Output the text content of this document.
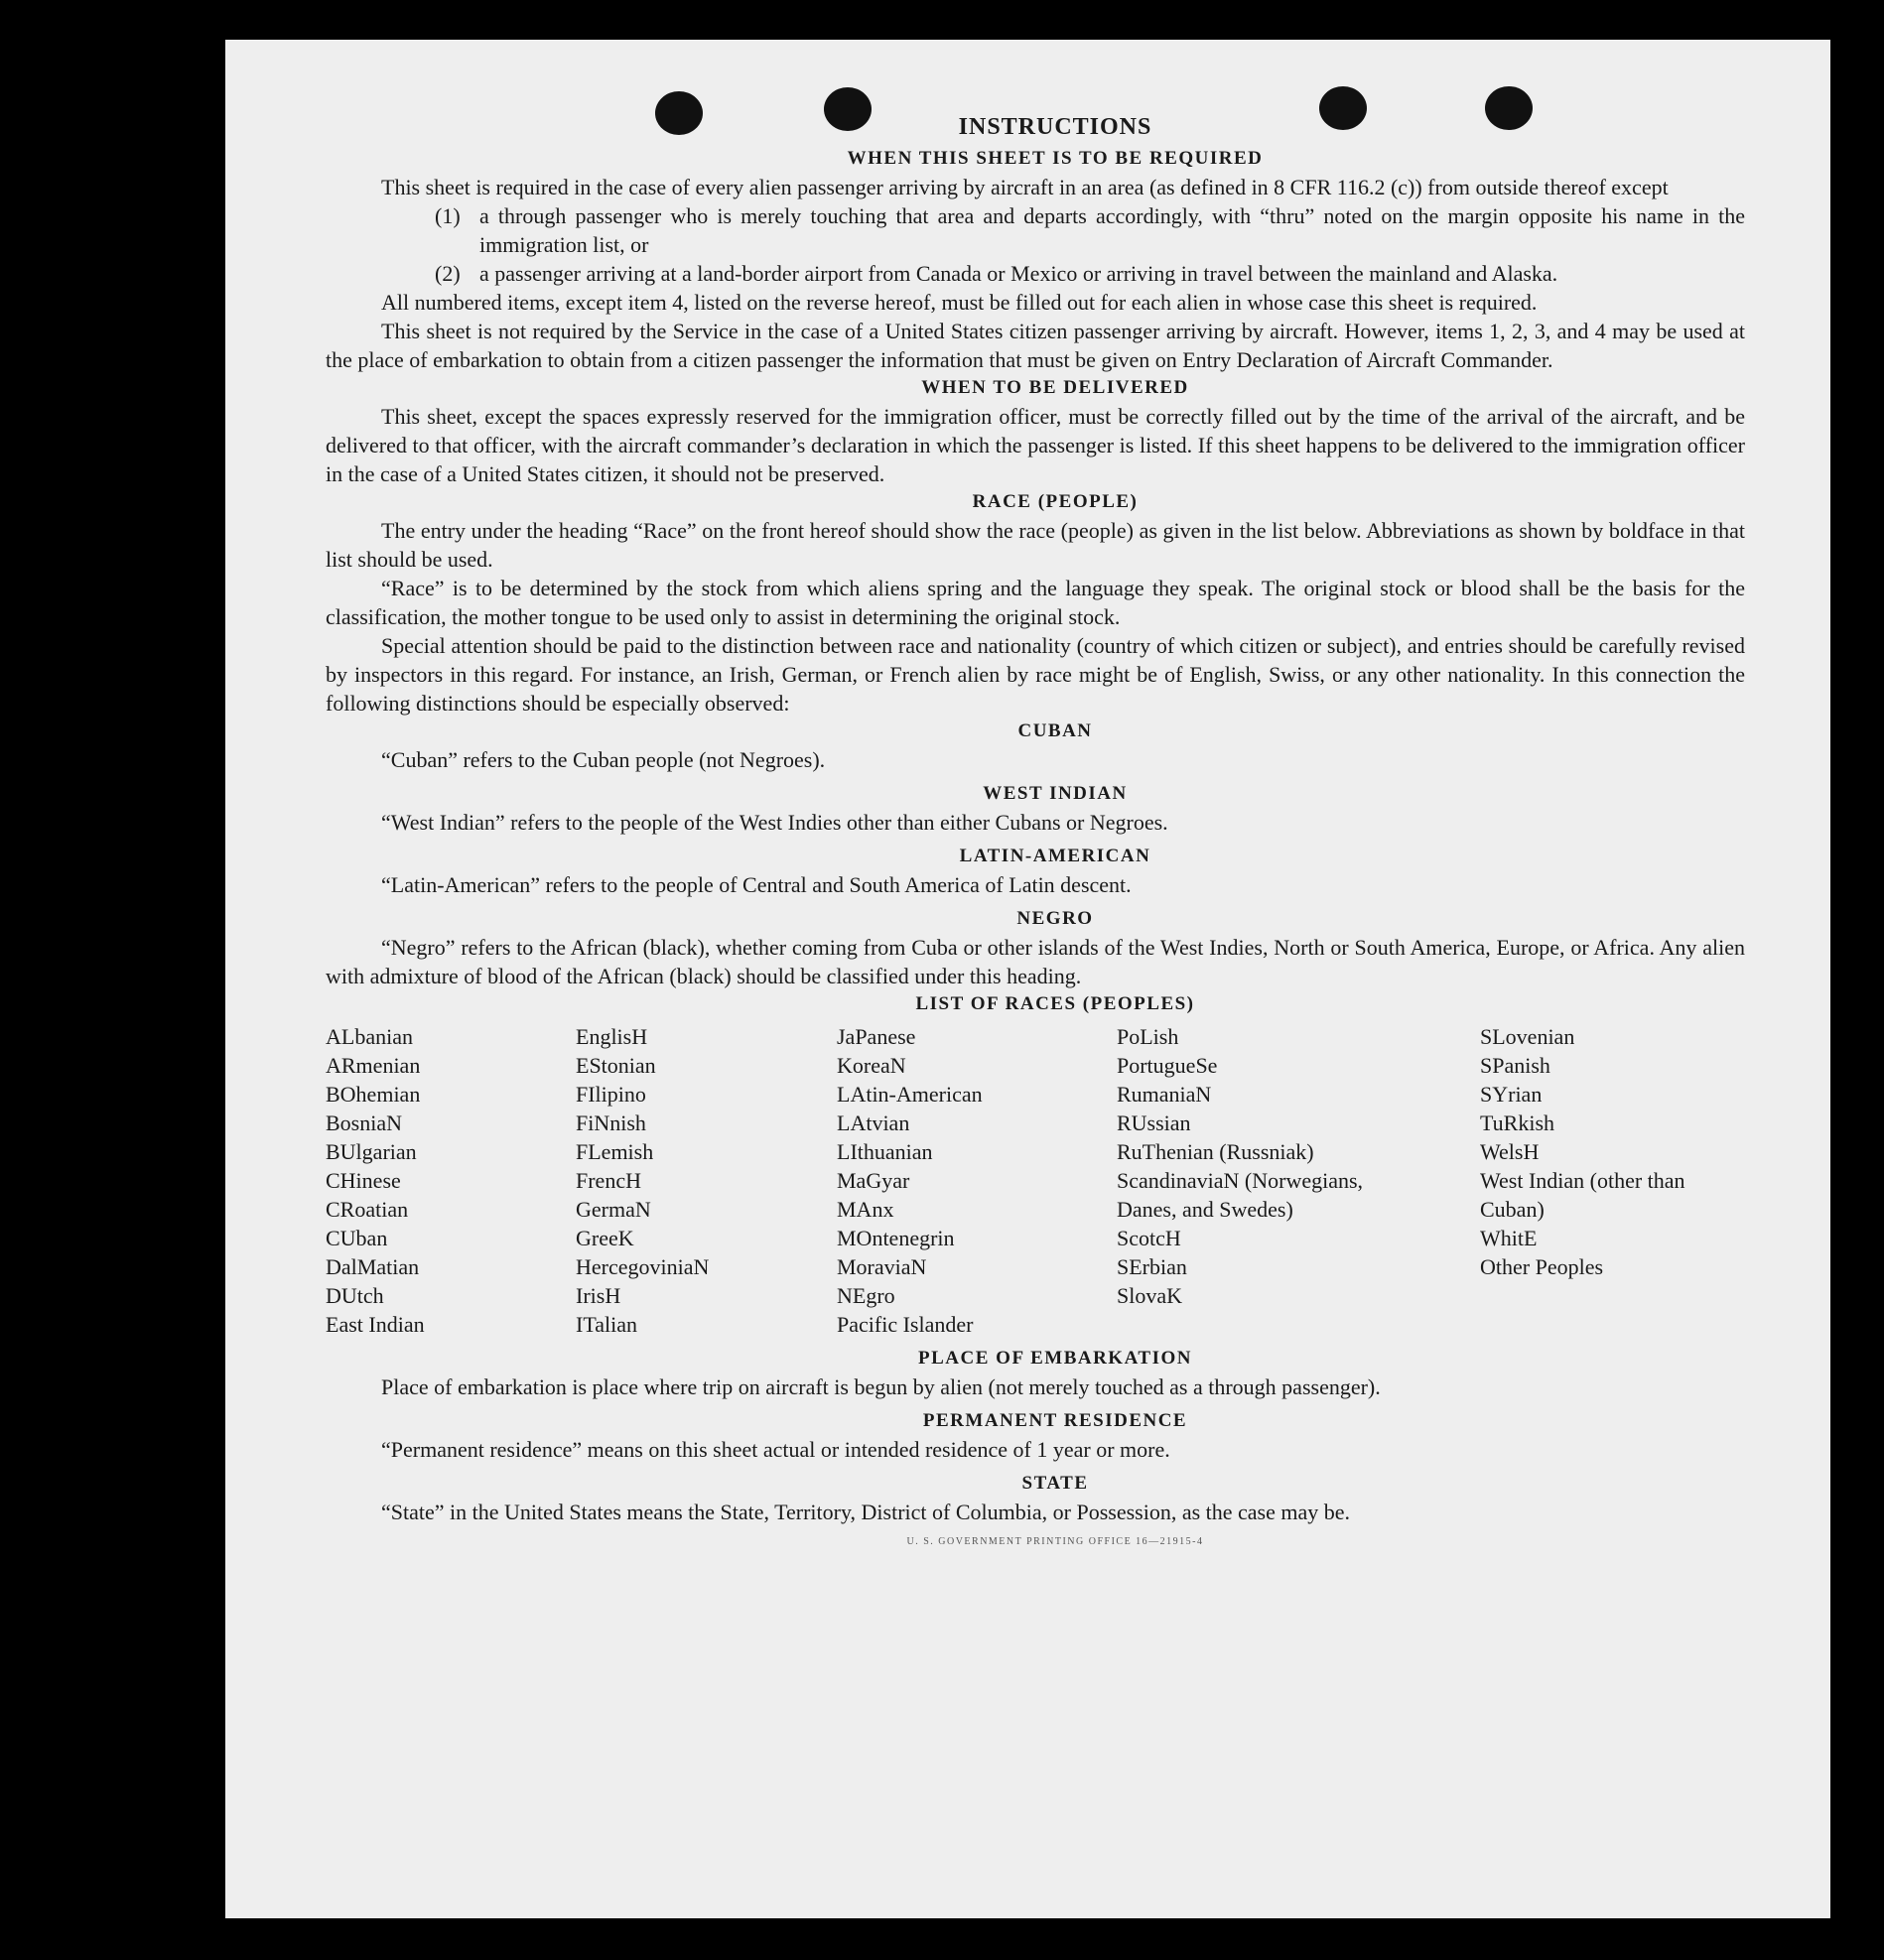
INSTRUCTIONS
WHEN THIS SHEET IS TO BE REQUIRED

This sheet is required in the case of every alien passenger arriving by aircraft in an area (as defined in 8 CFR 116.2 (c)) from outside thereof except

(1) a through passenger who is merely touching that area and departs accordingly, with “thru” noted on the margin opposite his name in the immigration list, or
(2) a passenger arriving at a land-border airport from Canada or Mexico or arriving in travel between the mainland and Alaska.

All numbered items, except item 4, listed on the reverse hereof, must be filled out for each alien in whose case this sheet is required.

This sheet is not required by the Service in the case of a United States citizen passenger arriving by aircraft. However, items 1, 2, 3, and 4 may be used at the place of embarkation to obtain from a citizen passenger the information that must be given on Entry Declaration of Aircraft Commander.

WHEN TO BE DELIVERED

This sheet, except the spaces expressly reserved for the immigration officer, must be correctly filled out by the time of the arrival of the aircraft, and be delivered to that officer, with the aircraft commander’s declaration in which the passenger is listed. If this sheet happens to be delivered to the immigration officer in the case of a United States citizen, it should not be preserved.

RACE (PEOPLE)

The entry under the heading “Race” on the front hereof should show the race (people) as given in the list below. Abbreviations as shown by boldface in that list should be used.

“Race” is to be determined by the stock from which aliens spring and the language they speak. The original stock or blood shall be the basis for the classification, the mother tongue to be used only to assist in determining the original stock.

Special attention should be paid to the distinction between race and nationality (country of which citizen or subject), and entries should be carefully revised by inspectors in this regard. For instance, an Irish, German, or French alien by race might be of English, Swiss, or any other nationality. In this connection the following distinctions should be especially observed:

CUBAN

“Cuban” refers to the Cuban people (not Negroes).

WEST INDIAN

“West Indian” refers to the people of the West Indies other than either Cubans or Negroes.

LATIN-AMERICAN

“Latin-American” refers to the people of Central and South America of Latin descent.

NEGRO

“Negro” refers to the African (black), whether coming from Cuba or other islands of the West Indies, North or South America, Europe, or Africa. Any alien with admixture of blood of the African (black) should be classified under this heading.

LIST OF RACES (PEOPLES)
ALbanian
ARmenian
BOhemian
BosniaN
BUlgarian
CHinese
CRoatian
CUban
DalMatian
DUtch
East Indian
EnglisH
EStonian
FIlipino
FiNnish
FLemish
FrencH
GermaN
GreeK
HercegoviniaN
IrisH
ITalian
JaPanese
KoreaN
LAtin-American
LAtvian
LIthuanian
MaGyar
MAnx
MOntenegrin
MoraviaN
NEgro
Pacific Islander
PoLish
PortugueSe
RumaniaN
RUssian
RuThenian (Russniak)
ScandinaviaN (Norwegians, Danes, and Swedes)
ScotcH
SErbian
SlovaK
SLovenian
SPanish
SYrian
TuRkish
WelsH
West Indian (other than Cuban)
WhitE
Other Peoples
PLACE OF EMBARKATION

Place of embarkation is place where trip on aircraft is begun by alien (not merely touched as a through passenger).

PERMANENT RESIDENCE

“Permanent residence” means on this sheet actual or intended residence of 1 year or more.

STATE

“State” in the United States means the State, Territory, District of Columbia, or Possession, as the case may be.

U. S. GOVERNMENT PRINTING OFFICE 16—21915-4
